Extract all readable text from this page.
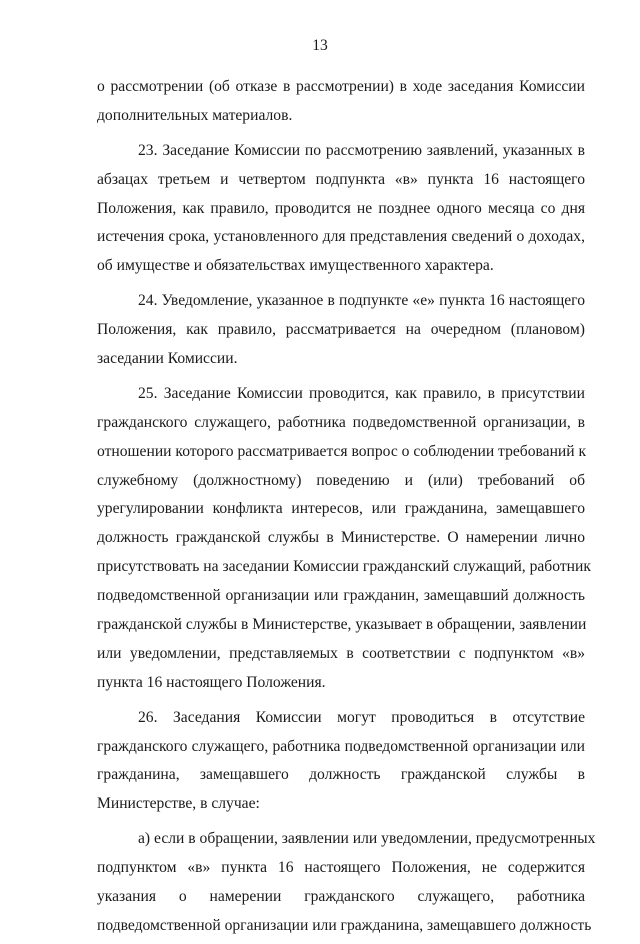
13
о рассмотрении (об отказе в рассмотрении) в ходе заседания Комиссии
дополнительных материалов.
23. Заседание Комиссии по рассмотрению заявлений, указанных в
абзацах третьем и четвертом подпункта «в» пункта 16 настоящего
Положения, как правило, проводится не позднее одного месяца со дня
истечения срока, установленного для представления сведений о доходах,
об имуществе и обязательствах имущественного характера.
24. Уведомление, указанное в подпункте «е» пункта 16 настоящего
Положения, как правило, рассматривается на очередном (плановом)
заседании Комиссии.
25. Заседание Комиссии проводится, как правило, в присутствии
гражданского служащего, работника подведомственной организации, в
отношении которого рассматривается вопрос о соблюдении требований к
служебному (должностному) поведению и (или) требований об
урегулировании конфликта интересов, или гражданина, замещавшего
должность гражданской службы в Министерстве. О намерении лично
присутствовать на заседании Комиссии гражданский служащий, работник
подведомственной организации или гражданин, замещавший должность
гражданской службы в Министерстве, указывает в обращении, заявлении
или уведомлении, представляемых в соответствии с подпунктом «в»
пункта 16 настоящего Положения.
26. Заседания Комиссии могут проводиться в отсутствие
гражданского служащего, работника подведомственной организации или
гражданина, замещавшего должность гражданской службы в
Министерстве, в случае:
а) если в обращении, заявлении или уведомлении, предусмотренных
подпунктом «в» пункта 16 настоящего Положения, не содержится
указания о намерении гражданского служащего, работника
подведомственной организации или гражданина, замещавшего должность
